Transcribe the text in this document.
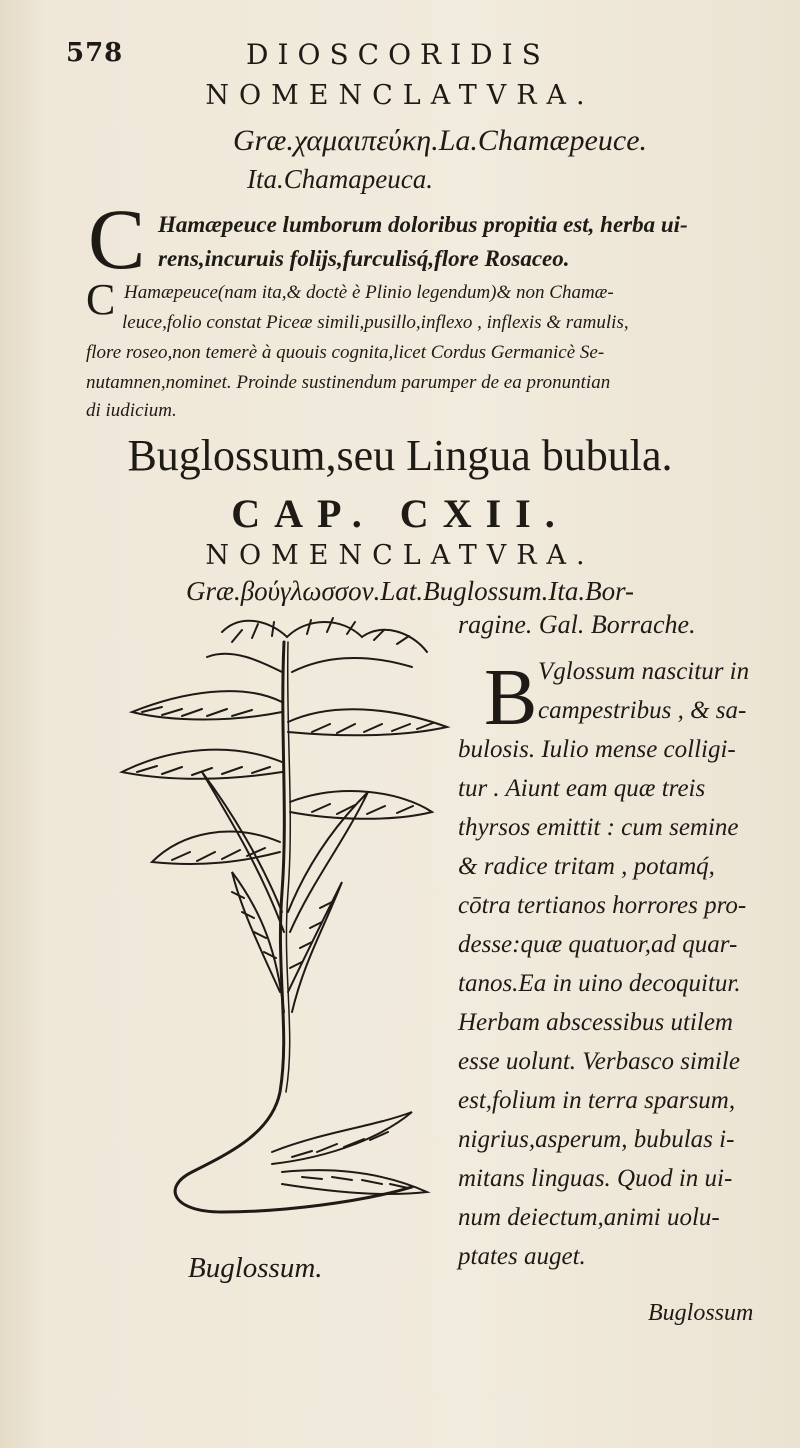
578	DIOSCORIDIS
NOMENCLATVRA.
Græ.χαμαιπεύκη.La.Chamæpeuce.
Ita.Chamapeuca.
C Hamæpeuce lumborum doloribus propitia est, herba ui-
rens,incuruis folijs,furculisq́,flore Rosaceo.
C Hamæpeuce(nam ita,& doctè è Plinio legendum)& non Chamæ-
leuce,folio constat Piceæ simili,pusillo,inflexo , inflexis & ramulis,
flore roseo,non temerè à quouis cognita,licet Cordus Germanicè Se-
nutamnen,nominet. Proinde sustinendum parumper de ea pronuntian
di iudicium.
Buglossum,seu Lingua bubula.
CAP. CXII.
NOMENCLATVRA.
Græ.βούγλωσσον.Lat.Buglossum.Ita.Bor-
B
ragine. Gal. Borrache.
Vglossum nascitur in
campestribus , & sa-
bulosis. Iulio mense colligi-
tur . Aiunt eam quæ treis
thyrsos emittit : cum semine
& radice tritam , potamq́,
cōtra tertianos horrores pro-
desse:quæ quatuor,ad quar-
tanos.Ea in uino decoquitur.
Herbam abscessibus utilem
esse uolunt. Verbasco simile
est,folium in terra sparsum,
nigrius,asperum, bubulas i-
mitans linguas. Quod in ui-
num deiectum,animi uolu-
ptates auget.
Buglossum.
Buglossum
